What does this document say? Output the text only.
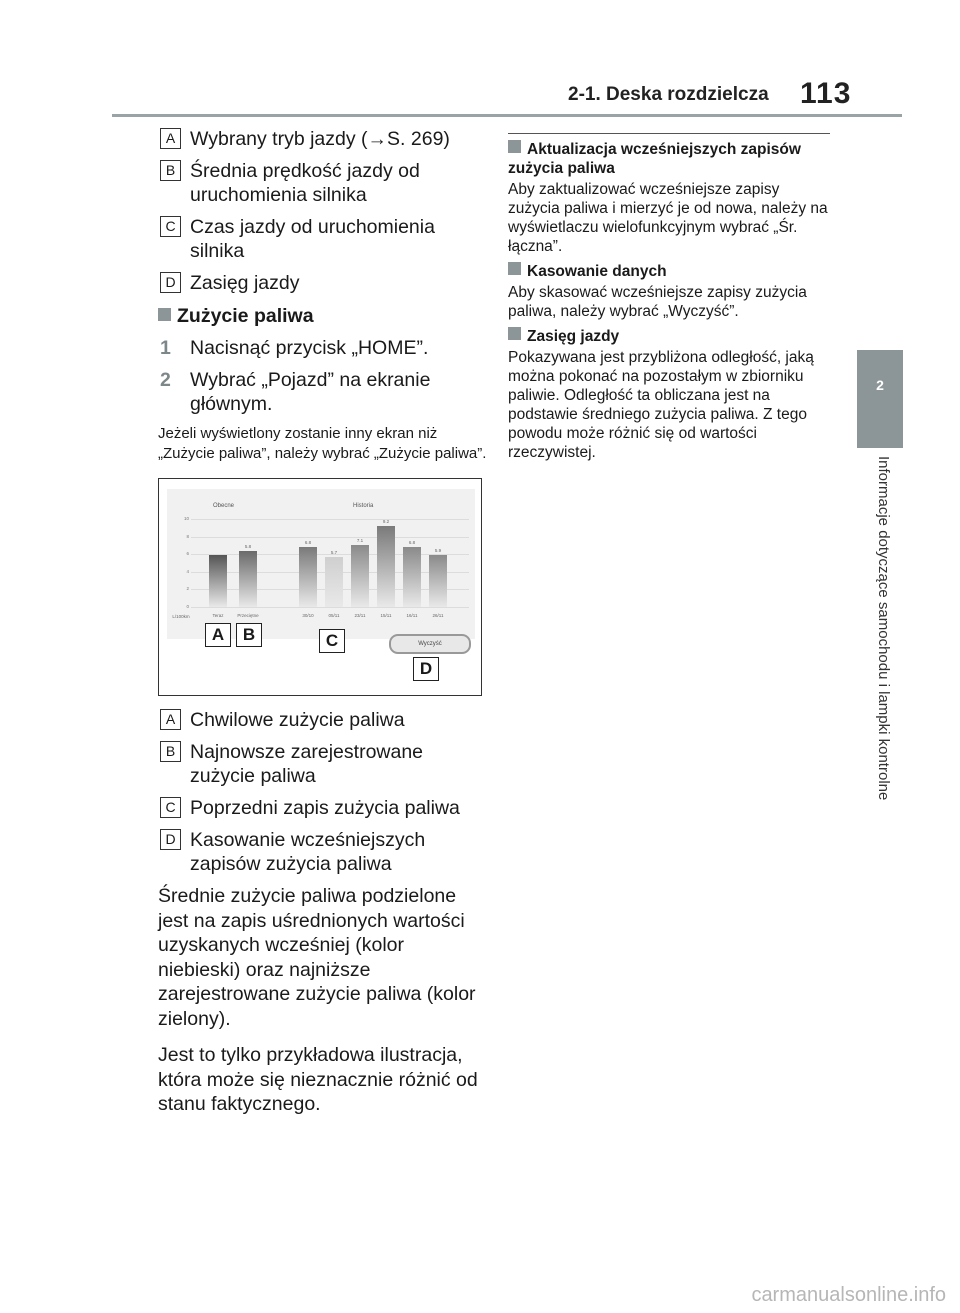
2-1. Deska rozdzielcza 113
2
Informacje dotyczące samochodu i lampki kontrolne
A Wybrany tryb jazdy (→S. 269)
B Średnia prędkość jazdy od uruchomienia silnika
C Czas jazdy od uruchomienia silnika
D Zasięg jazdy
Zużycie paliwa
1 Nacisnąć przycisk „HOME”.
2 Wybrać „Pojazd” na ekranie głównym.
Jeżeli wyświetlony zostanie inny ekran niż „Zużycie paliwa”, należy wybrać „Zużycie paliwa”.
Obecne	Historia
0
2
4
6
8
10
Teraz
5.8
Przeciętne
6.8
30/10
5.7
05/11
7.1
23/11
9.2
15/11
6.8
16/11
5.9
26/11
L/100km
A	B	C	Wyczyść
D
A Chwilowe zużycie paliwa
B Najnowsze zarejestrowane zużycie paliwa
C Poprzedni zapis zużycia paliwa
D Kasowanie wcześniejszych zapisów zużycia paliwa

Średnie zużycie paliwa podzielone jest na zapis uśrednionych wartości uzyskanych wcześniej (kolor niebieski) oraz najniższe zarejestrowane zużycie paliwa (kolor zielony).

Jest to tylko przykładowa ilustracja, która może się nieznacznie różnić od stanu faktycznego.

Aktualizacja wcześniejszych zapisów zużycia paliwa

Aby zaktualizować wcześniejsze zapisy zużycia paliwa i mierzyć je od nowa, należy na wyświetlaczu wielofunkcyjnym wybrać „Śr. łączna”.

Kasowanie danych

Aby skasować wcześniejsze zapisy zużycia paliwa, należy wybrać „Wyczyść”.

Zasięg jazdy

Pokazywana jest przybliżona odległość, jaką można pokonać na pozostałym w zbiorniku paliwie. Odległość ta obliczana jest na podstawie średniego zużycia paliwa. Z tego powodu może różnić się od wartości rzeczywistej.

carmanualsonline.info
